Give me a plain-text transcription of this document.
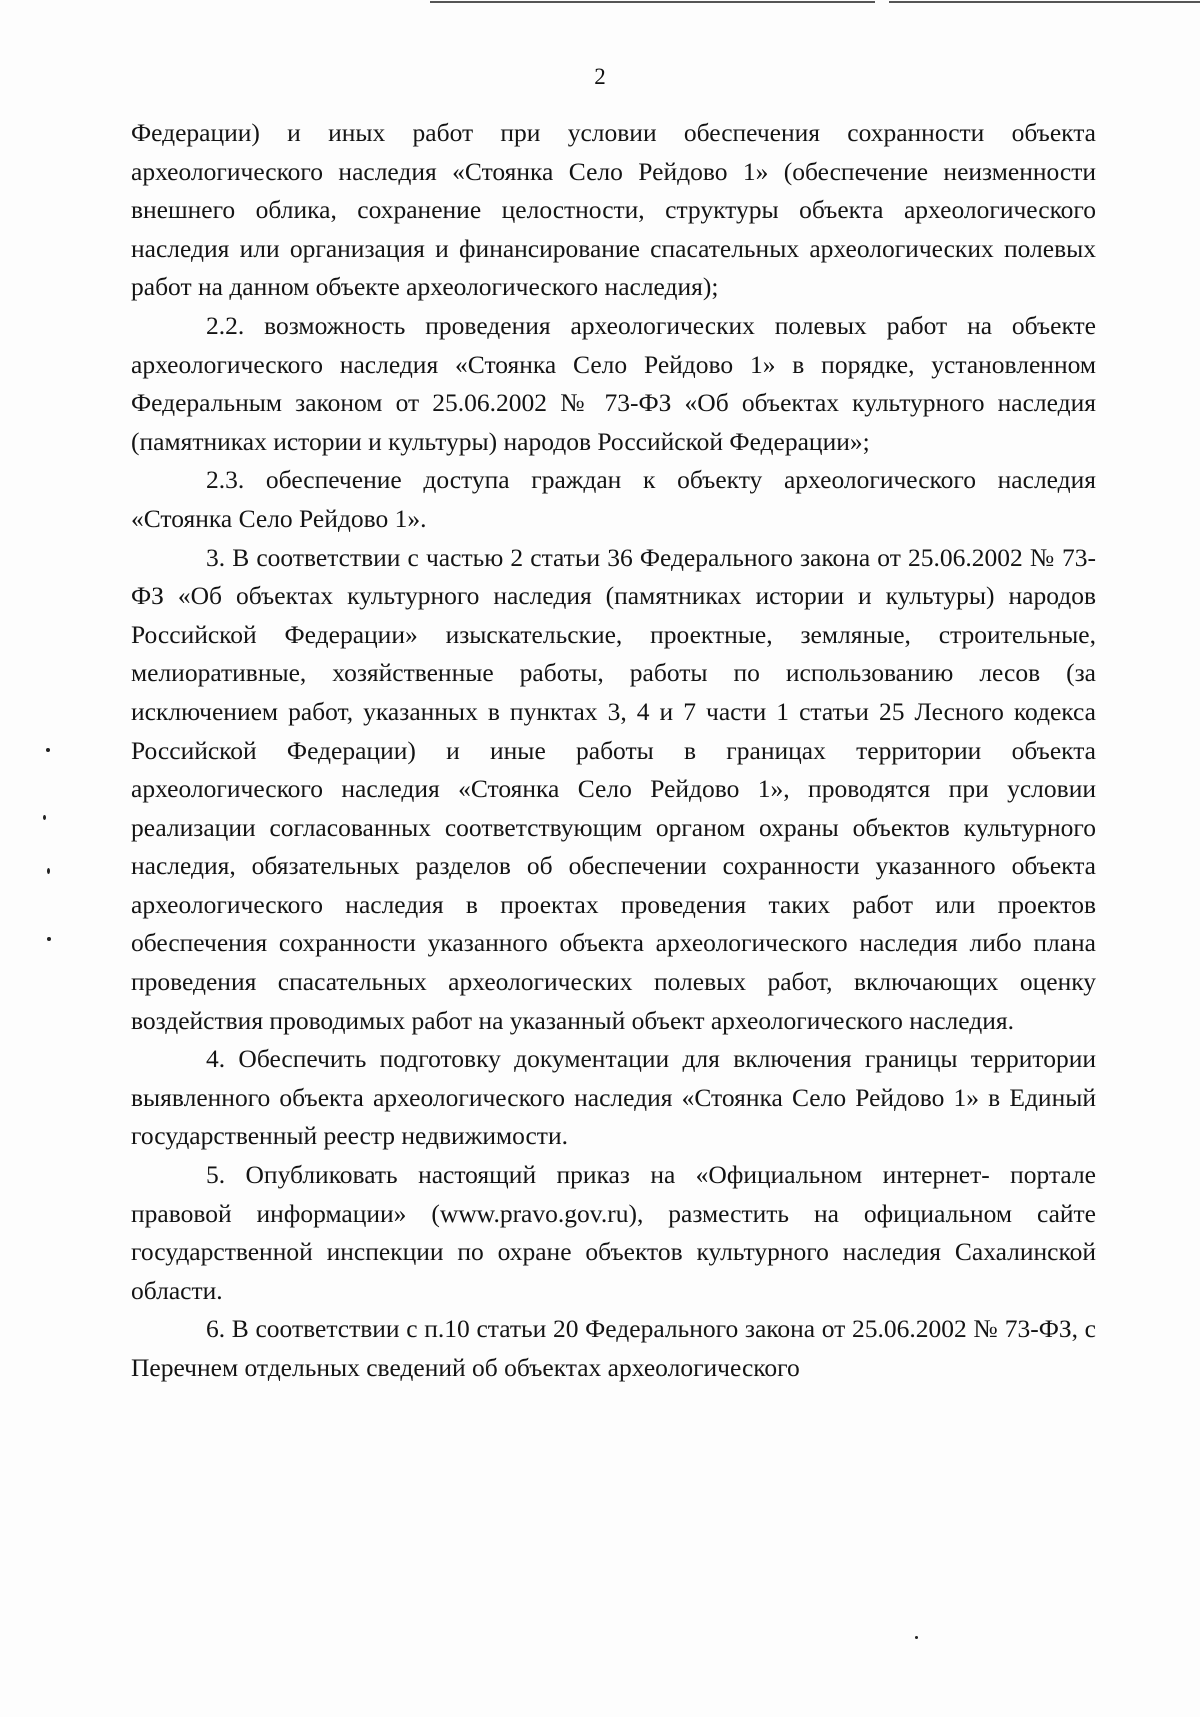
2

Федерации) и иных работ при условии обеспечения сохранности объекта археологического наследия «Стоянка Село Рейдово 1» (обеспечение неизменности внешнего облика, сохранение целостности, структуры объекта археологического наследия или организация и финансирование спасательных археологических полевых работ на данном объекте археологического наследия);

2.2. возможность проведения археологических полевых работ на объекте археологического наследия «Стоянка Село Рейдово 1» в порядке, установленном Федеральным законом от 25.06.2002 № 73-ФЗ «Об объектах культурного наследия (памятниках истории и культуры) народов Российской Федерации»;

2.3. обеспечение доступа граждан к объекту археологического наследия «Стоянка Село Рейдово 1».

3. В соответствии с частью 2 статьи 36 Федерального закона от 25.06.2002 № 73-ФЗ «Об объектах культурного наследия (памятниках истории и культуры) народов Российской Федерации» изыскательские, проектные, земляные, строительные, мелиоративные, хозяйственные работы, работы по использованию лесов (за исключением работ, указанных в пунктах 3, 4 и 7 части 1 статьи 25 Лесного кодекса Российской Федерации) и иные работы в границах территории объекта археологического наследия «Стоянка Село Рейдово 1», проводятся при условии реализации согласованных соответствующим органом охраны объектов культурного наследия, обязательных разделов об обеспечении сохранности указанного объекта археологического наследия в проектах проведения таких работ или проектов обеспечения сохранности указанного объекта археологического наследия либо плана проведения спасательных археологических полевых работ, включающих оценку воздействия проводимых работ на указанный объект археологического наследия.

4. Обеспечить подготовку документации для включения границы территории выявленного объекта археологического наследия «Стоянка Село Рейдово 1» в Единый государственный реестр недвижимости.

5. Опубликовать настоящий приказ на «Официальном интернет- портале правовой информации» (www.pravo.gov.ru), разместить на официальном сайте государственной инспекции по охране объектов культурного наследия Сахалинской области.

6. В соответствии с п.10 статьи 20 Федерального закона от 25.06.2002 № 73-ФЗ, с Перечнем отдельных сведений об объектах археологического
